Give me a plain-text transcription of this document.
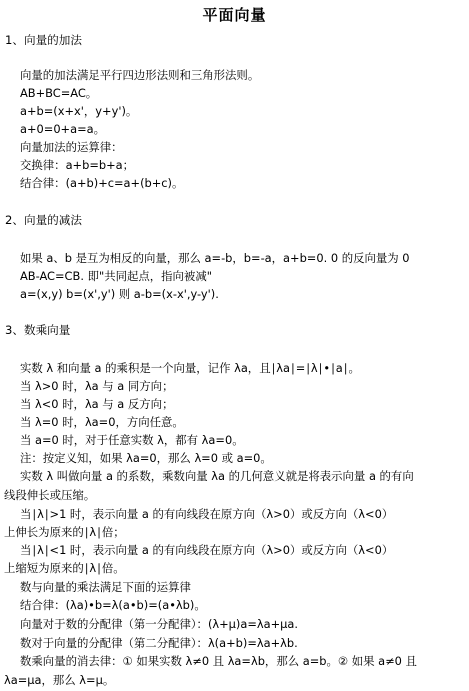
平面向量
1、向量的加法
向量的加法满足平行四边形法则和三角形法则。
AB+BC=AC。
a+b=(x+x'，y+y')。
a+0=0+a=a。
向量加法的运算律：
交换律：a+b=b+a；
结合律：(a+b)+c=a+(b+c)。
2、向量的减法
如果 a、b 是互为相反的向量，那么 a=-b，b=-a，a+b=0. 0 的反向量为 0
AB-AC=CB. 即"共同起点，指向被减"
a=(x,y) b=(x',y') 则 a-b=(x-x',y-y').
3、数乘向量
实数 λ 和向量 a 的乘积是一个向量，记作 λa，且∣λa∣=∣λ∣•∣a∣。
当 λ>0 时，λa 与 a 同方向；
当 λ<0 时，λa 与 a 反方向；
当 λ=0 时，λa=0，方向任意。
当 a=0 时，对于任意实数 λ，都有 λa=0。
注：按定义知，如果 λa=0，那么 λ=0 或 a=0。
实数 λ 叫做向量 a 的系数，乘数向量 λa 的几何意义就是将表示向量 a 的有向
线段伸长或压缩。
当∣λ∣>1 时，表示向量 a 的有向线段在原方向（λ>0）或反方向（λ<0）
上伸长为原来的∣λ∣倍；
当∣λ∣<1 时，表示向量 a 的有向线段在原方向（λ>0）或反方向（λ<0）
上缩短为原来的∣λ∣倍。
数与向量的乘法满足下面的运算律
结合律：(λa)•b=λ(a•b)=(a•λb)。
向量对于数的分配律（第一分配律）：(λ+μ)a=λa+μa.
数对于向量的分配律（第二分配律）：λ(a+b)=λa+λb.
数乘向量的消去律：① 如果实数 λ≠0 且 λa=λb，那么 a=b。② 如果 a≠0 且
λa=μa，那么 λ=μ。
